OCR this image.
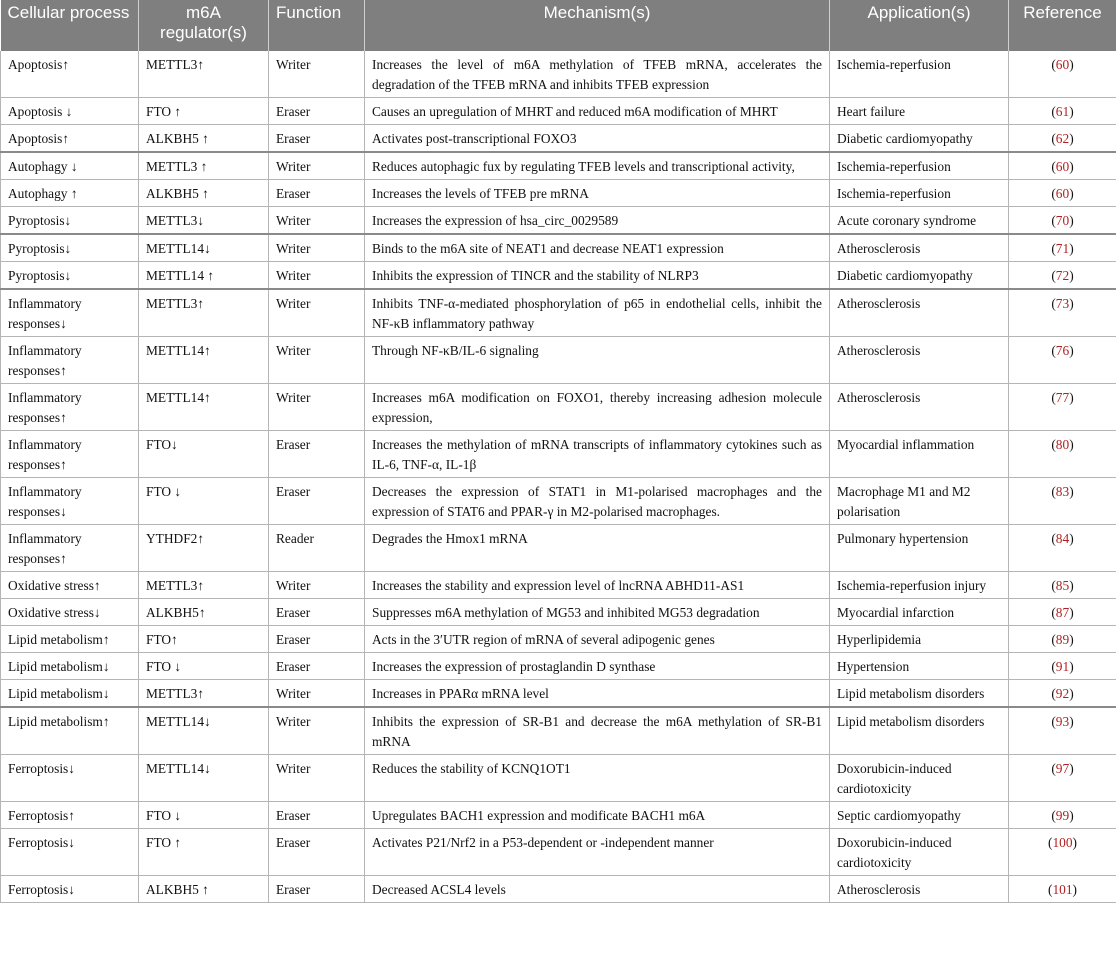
Cellular process	m6A regulator(s)	Function	Mechanism(s)	Application(s)	Reference
Apoptosis↑	METTL3↑	Writer	Increases the level of m6A methylation of TFEB mRNA, accelerates the degradation of the TFEB mRNA and inhibits TFEB expression	Ischemia-reperfusion	(60)
Apoptosis ↓	FTO ↑	Eraser	Causes an upregulation of MHRT and reduced m6A modification of MHRT	Heart failure	(61)
Apoptosis↑	ALKBH5 ↑	Eraser	Activates post-transcriptional FOXO3	Diabetic cardiomyopathy	(62)
Autophagy ↓	METTL3 ↑	Writer	Reduces autophagic fux by regulating TFEB levels and transcriptional activity,	Ischemia-reperfusion	(60)
Autophagy ↑	ALKBH5 ↑	Eraser	Increases the levels of TFEB pre mRNA	Ischemia-reperfusion	(60)
Pyroptosis↓	METTL3↓	Writer	Increases the expression of hsa_circ_0029589	Acute coronary syndrome	(70)
Pyroptosis↓	METTL14↓	Writer	Binds to the m6A site of NEAT1 and decrease NEAT1 expression	Atherosclerosis	(71)
Pyroptosis↓	METTL14 ↑	Writer	Inhibits the expression of TINCR and the stability of NLRP3	Diabetic cardiomyopathy	(72)
Inflammatory responses↓	METTL3↑	Writer	Inhibits TNF-α-mediated phosphorylation of p65 in endothelial cells, inhibit the NF-κB inflammatory pathway	Atherosclerosis	(73)
Inflammatory responses↑	METTL14↑	Writer	Through NF-κB/IL-6 signaling	Atherosclerosis	(76)
Inflammatory responses↑	METTL14↑	Writer	Increases m6A modification on FOXO1, thereby increasing adhesion molecule expression,	Atherosclerosis	(77)
Inflammatory responses↑	FTO↓	Eraser	Increases the methylation of mRNA transcripts of inflammatory cytokines such as IL-6, TNF-α, IL-1β	Myocardial inflammation	(80)
Inflammatory responses↓	FTO ↓	Eraser	Decreases the expression of STAT1 in M1-polarised macrophages and the expression of STAT6 and PPAR-γ in M2-polarised macrophages.	Macrophage M1 and M2 polarisation	(83)
Inflammatory responses↑	YTHDF2↑	Reader	Degrades the Hmox1 mRNA	Pulmonary hypertension	(84)
Oxidative stress↑	METTL3↑	Writer	Increases the stability and expression level of lncRNA ABHD11-AS1	Ischemia-reperfusion injury	(85)
Oxidative stress↓	ALKBH5↑	Eraser	Suppresses m6A methylation of MG53 and inhibited MG53 degradation	Myocardial infarction	(87)
Lipid metabolism↑	FTO↑	Eraser	Acts in the 3′UTR region of mRNA of several adipogenic genes	Hyperlipidemia	(89)
Lipid metabolism↓	FTO ↓	Eraser	Increases the expression of prostaglandin D synthase	Hypertension	(91)
Lipid metabolism↓	METTL3↑	Writer	Increases in PPARα mRNA level	Lipid metabolism disorders	(92)
Lipid metabolism↑	METTL14↓	Writer	Inhibits the expression of SR-B1 and decrease the m6A methylation of SR-B1 mRNA	Lipid metabolism disorders	(93)
Ferroptosis↓	METTL14↓	Writer	Reduces the stability of KCNQ1OT1	Doxorubicin-induced cardiotoxicity	(97)
Ferroptosis↑	FTO ↓	Eraser	Upregulates BACH1 expression and modificate BACH1 m6A	Septic cardiomyopathy	(99)
Ferroptosis↓	FTO ↑	Eraser	Activates P21/Nrf2 in a P53-dependent or -independent manner	Doxorubicin-induced cardiotoxicity	(100)
Ferroptosis↓	ALKBH5 ↑	Eraser	Decreased ACSL4 levels	Atherosclerosis	(101)
